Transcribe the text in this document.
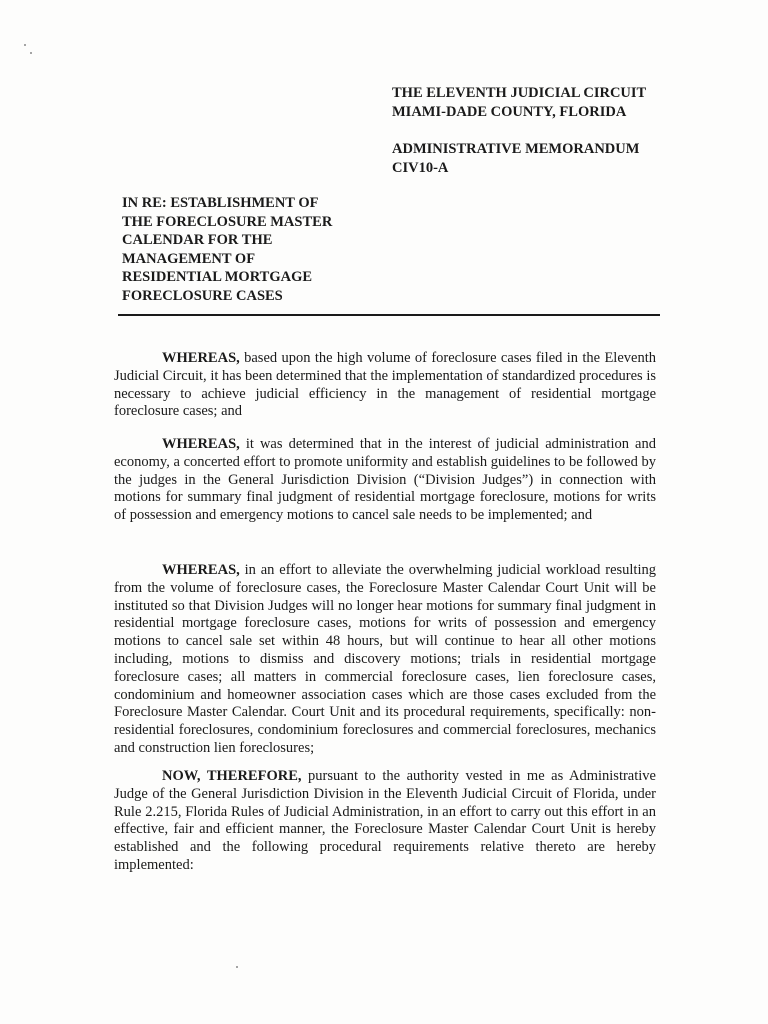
THE ELEVENTH JUDICIAL CIRCUIT
MIAMI-DADE COUNTY, FLORIDA
ADMINISTRATIVE MEMORANDUM
CIV10-A
IN RE: ESTABLISHMENT OF
THE FORECLOSURE MASTER
CALENDAR FOR THE
MANAGEMENT OF
RESIDENTIAL MORTGAGE
FORECLOSURE CASES

WHEREAS, based upon the high volume of foreclosure cases filed in the Eleventh Judicial Circuit, it has been determined that the implementation of standardized procedures is necessary to achieve judicial efficiency in the management of residential mortgage foreclosure cases; and

WHEREAS, it was determined that in the interest of judicial administration and economy, a concerted effort to promote uniformity and establish guidelines to be followed by the judges in the General Jurisdiction Division (“Division Judges”) in connection with motions for summary final judgment of residential mortgage foreclosure, motions for writs of possession and emergency motions to cancel sale needs to be implemented; and

WHEREAS, in an effort to alleviate the overwhelming judicial workload resulting from the volume of foreclosure cases, the Foreclosure Master Calendar Court Unit will be instituted so that Division Judges will no longer hear motions for summary final judgment in residential mortgage foreclosure cases, motions for writs of possession and emergency motions to cancel sale set within 48 hours, but will continue to hear all other motions including, motions to dismiss and discovery motions; trials in residential mortgage foreclosure cases; all matters in commercial foreclosure cases, lien foreclosure cases, condominium and homeowner association cases which are those cases excluded from the Foreclosure Master Calendar. Court Unit and its procedural requirements, specifically: non-residential foreclosures, condominium foreclosures and commercial foreclosures, mechanics and construction lien foreclosures;

NOW, THEREFORE, pursuant to the authority vested in me as Administrative Judge of the General Jurisdiction Division in the Eleventh Judicial Circuit of Florida, under Rule 2.215, Florida Rules of Judicial Administration, in an effort to carry out this effort in an effective, fair and efficient manner, the Foreclosure Master Calendar Court Unit is hereby established and the following procedural requirements relative thereto are hereby implemented:
